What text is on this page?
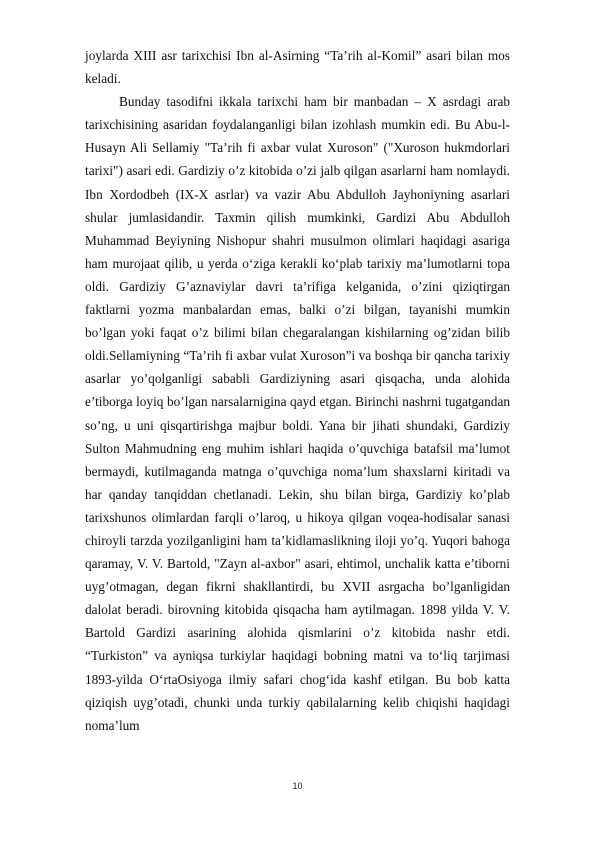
joylarda XIII asr tarixchisi Ibn al-Asirning “Ta’rih al-Komil” asari bilan mos keladi.

Bunday tasodifni ikkala tarixchi ham bir manbadan – X asrdagi arab tarixchisining asaridan foydalanganligi bilan izohlash mumkin edi. Bu Abu-l-Husayn Ali Sellamiy "Ta’rih fi axbar vulat Xuroson" ("Xuroson hukmdorlari tarixi") asari edi. Gardiziy o’z kitobida o’zi jalb qilgan asarlarni ham nomlaydi. Ibn Xordodbeh (IX-X asrlar) va vazir Abu Abdulloh Jayhoniyning asarlari shular jumlasidandir. Taxmin qilish mumkinki, Gardizi Abu Abdulloh Muhammad Beyiyning Nishopur shahri musulmon olimlari haqidagi asariga ham murojaat qilib, u yerda o‘ziga kerakli ko‘plab tarixiy ma’lumotlarni topa oldi. Gardiziy G’aznaviylar davri ta’rifiga kelganida, o’zini qiziqtirgan faktlarni yozma manbalardan emas, balki o’zi bilgan, tayanishi mumkin bo’lgan yoki faqat o’z bilimi bilan chegaralangan kishilarning og’zidan bilib oldi.Sellamiyning “Ta’rih fi axbar vulat Xuroson”i va boshqa bir qancha tarixiy asarlar yo’qolganligi sababli Gardiziyning asari qisqacha, unda alohida e’tiborga loyiq bo’lgan narsalarnigina qayd etgan. Birinchi nashrni tugatgandan so’ng, u uni qisqartirishga majbur boldi. Yana bir jihati shundaki, Gardiziy Sulton Mahmudning eng muhim ishlari haqida o’quvchiga batafsil ma’lumot bermaydi, kutilmaganda matnga o’quvchiga noma’lum shaxslarni kiritadi va har qanday tanqiddan chetlanadi. Lekin, shu bilan birga, Gardiziy ko’plab tarixshunos olimlardan farqli o’laroq, u hikoya qilgan voqea-hodisalar sanasi chiroyli tarzda yozilganligini ham ta’kidlamaslikning iloji yo’q. Yuqori bahoga qaramay, V. V. Bartold, "Zayn al-axbor" asari, ehtimol, unchalik katta e’tiborni uyg’otmagan, degan fikrni shakllantirdi, bu XVII asrgacha bo’lganligidan dalolat beradi. birovning kitobida qisqacha ham aytilmagan. 1898 yilda V. V. Bartold Gardizi asarining alohida qismlarini o’z kitobida nashr etdi. “Turkiston” va ayniqsa turkiylar haqidagi bobning matni va to‘liq tarjimasi 1893-yilda O‘rtaOsiyoga ilmiy safari chog‘ida kashf etilgan. Bu bob katta qiziqish uyg’otadi, chunki unda turkiy qabilalarning kelib chiqishi haqidagi noma’lum

10
